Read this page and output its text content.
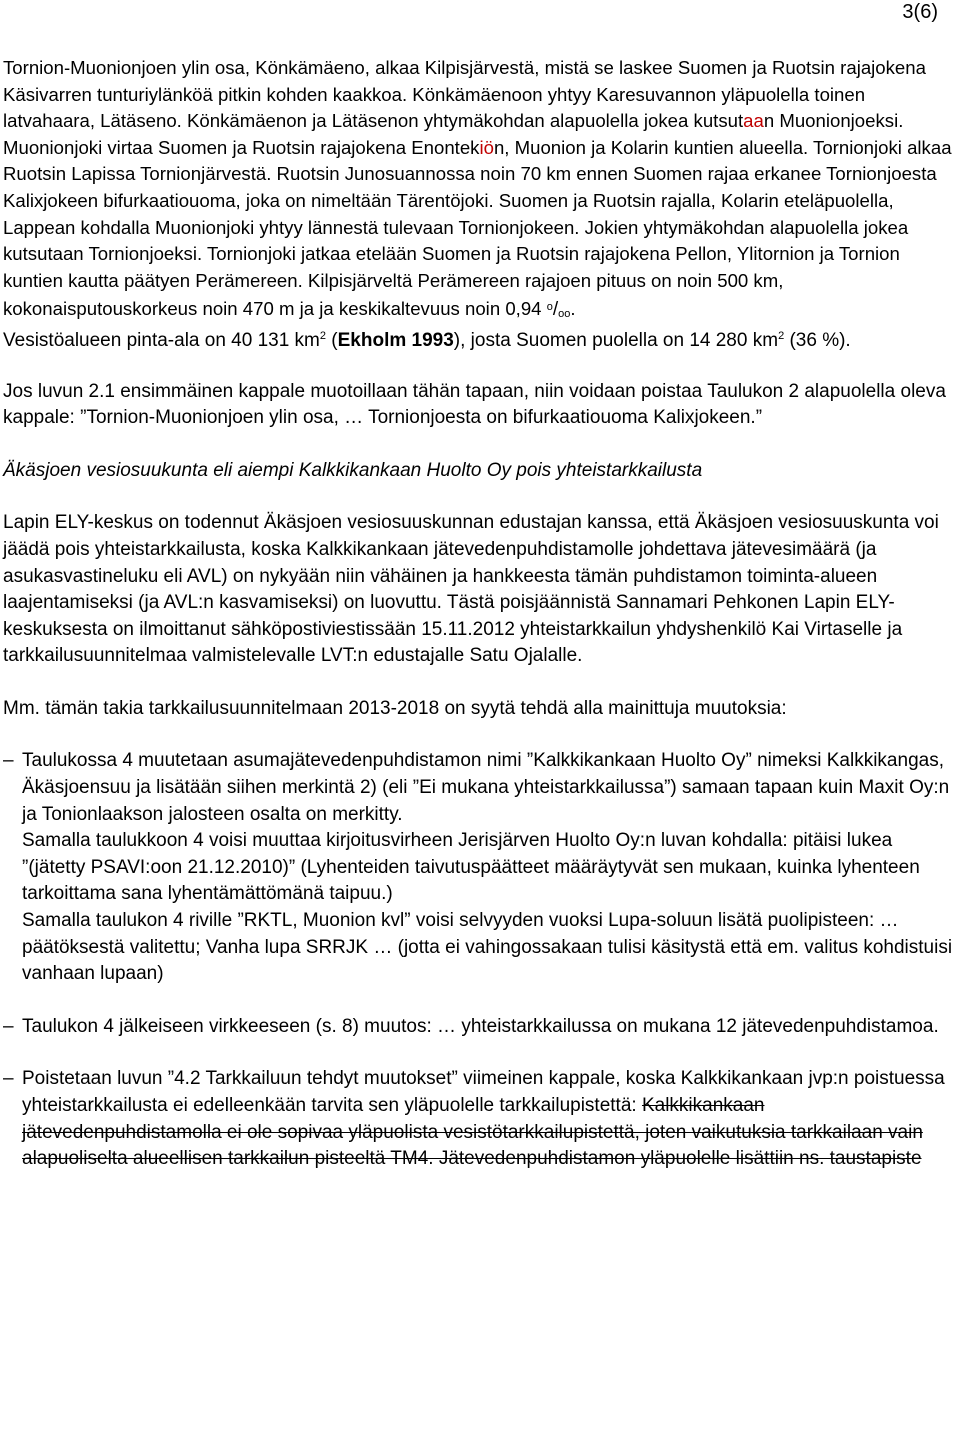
3(6)

Tornion-Muonionjoen ylin osa, Könkämäeno, alkaa Kilpisjärvestä, mistä se laskee Suomen ja Ruotsin rajajokena Käsivarren tunturiylänköä pitkin kohden kaakkoa. Könkämäenoon yhtyy Karesuvannon yläpuolella toinen latvahaara, Lätäseno. Könkämäenon ja Lätäsenon yhtymäkohdan alapuolella jokea kutsutaan Muonionjoeksi. Muonionjoki virtaa Suomen ja Ruotsin rajajokena Enontekiön, Muonion ja Kolarin kuntien alueella. Tornionjoki alkaa Ruotsin Lapissa Tornionjärvestä. Ruotsin Junosuannossa noin 70 km ennen Suomen rajaa erkanee Tornionjoesta Kalixjokeen bifurkaatiouoma, joka on nimeltään Tärentöjoki. Suomen ja Ruotsin rajalla, Kolarin eteläpuolella, Lappean kohdalla Muonionjoki yhtyy lännestä tulevaan Tornionjokeen. Jokien yhtymäkohdan alapuolella jokea kutsutaan Tornionjoeksi. Tornionjoki jatkaa etelään Suomen ja Ruotsin rajajokena Pellon, Ylitornion ja Tornion kuntien kautta päätyen Perämereen. Kilpisjärveltä Perämereen rajajoen pituus on noin 500 km, kokonaisputouskorkeus noin 470 m ja ja keskikaltevuus noin 0,94 $^o$/oo.

Vesistöalueen pinta-ala on 40 131 $km^2$ (Ekholm 1993), josta Suomen puolella on 14 280 $km^2$ (36 %).

Jos luvun 2.1 ensimmäinen kappale muotoillaan tähän tapaan, niin voidaan poistaa Taulukon 2 alapuolella oleva kappale: ”Tornion-Muonionjoen ylin osa, … Tornionjoesta on bifurkaatiouoma Kalixjokeen.”

Äkäsjoen vesiosuukunta eli aiempi Kalkkikankaan Huolto Oy pois yhteistarkkailusta

Lapin ELY-keskus on todennut Äkäsjoen vesiosuuskunnan edustajan kanssa, että Äkäsjoen vesiosuuskunta voi jäädä pois yhteistarkkailusta, koska Kalkkikankaan jätevedenpuhdistamolle johdettava jätevesimäärä (ja asukasvastineluku eli AVL) on nykyään niin vähäinen ja hankkeesta tämän puhdistamon toiminta-alueen laajentamiseksi (ja AVL:n kasvamiseksi) on luovuttu. Tästä poisjäännistä Sannamari Pehkonen Lapin ELY-keskuksesta on ilmoittanut sähköpostiviestissään 15.11.2012 yhteistarkkailun yhdyshenkilö Kai Virtaselle ja tarkkailusuunnitelmaa valmistelevalle LVT:n edustajalle Satu Ojalalle.

Mm. tämän takia tarkkailusuunnitelmaan 2013-2018 on syytä tehdä alla mainittuja muutoksia:

– Taulukossa 4 muutetaan asumajätevedenpuhdistamon nimi ”Kalkkikankaan Huolto Oy” nimeksi Kalkkikangas, Äkäsjoensuu ja lisätään siihen merkintä 2) (eli ”Ei mukana yhteistarkkailussa”) samaan tapaan kuin Maxit Oy:n ja Tonionlaakson jalosteen osalta on merkitty.

Samalla taulukkoon 4 voisi muuttaa kirjoitusvirheen Jerisjärven Huolto Oy:n luvan kohdalla: pitäisi lukea ”(jätetty PSAVI:oon 21.12.2010)” (Lyhenteiden taivutuspäätteet määräytyvät sen mukaan, kuinka lyhenteen tarkoittama sana lyhentämättömänä taipuu.)

Samalla taulukon 4 riville ”RKTL, Muonion kvl” voisi selvyyden vuoksi Lupa-soluun lisätä puolipisteen: … päätöksestä valitettu; Vanha lupa SRRJK … (jotta ei vahingossakaan tulisi käsitystä että em. valitus kohdistuisi vanhaan lupaan)

– Taulukon 4 jälkeiseen virkkeeseen (s. 8) muutos: … yhteistarkkailussa on mukana 12 jätevedenpuhdistamoa.

– Poistetaan luvun ”4.2 Tarkkailuun tehdyt muutokset” viimeinen kappale, koska Kalkkikankaan jvp:n poistuessa yhteistarkkailusta ei edelleenkään tarvita sen yläpuolelle tarkkailupistettä: Kalkkikankaan jätevedenpuhdistamolla ei ole sopivaa yläpuolista vesistötarkkailupistettä, joten vaikutuksia tarkkailaan vain alapuoliselta alueellisen tarkkailun pisteeltä TM4. Jätevedenpuhdistamon yläpuolelle lisättiin ns. taustapiste
